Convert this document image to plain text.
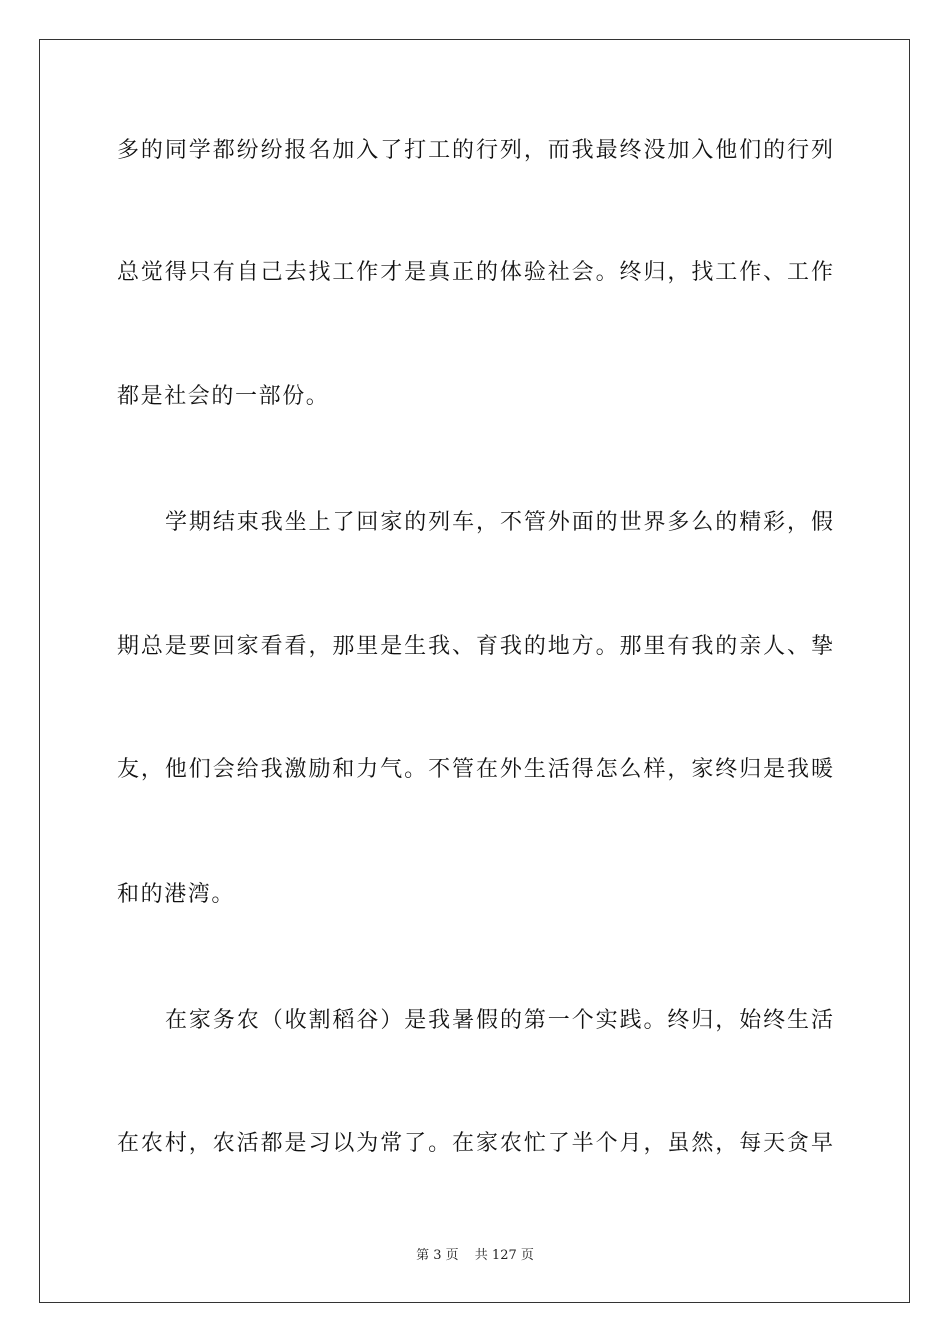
多的同学都纷纷报名加入了打工的行列，而我最终没加入他们的行列
总觉得只有自己去找工作才是真正的体验社会。终归，找工作、工作
都是社会的一部份。
学期结束我坐上了回家的列车，不管外面的世界多么的精彩，假
期总是要回家看看，那里是生我、育我的地方。那里有我的亲人、挚
友，他们会给我激励和力气。不管在外生活得怎么样，家终归是我暖
和的港湾。
在家务农（收割稻谷）是我暑假的第一个实践。终归，始终生活
在农村，农活都是习以为常了。在家农忙了半个月，虽然，每天贪早
第 3 页 共 127 页
